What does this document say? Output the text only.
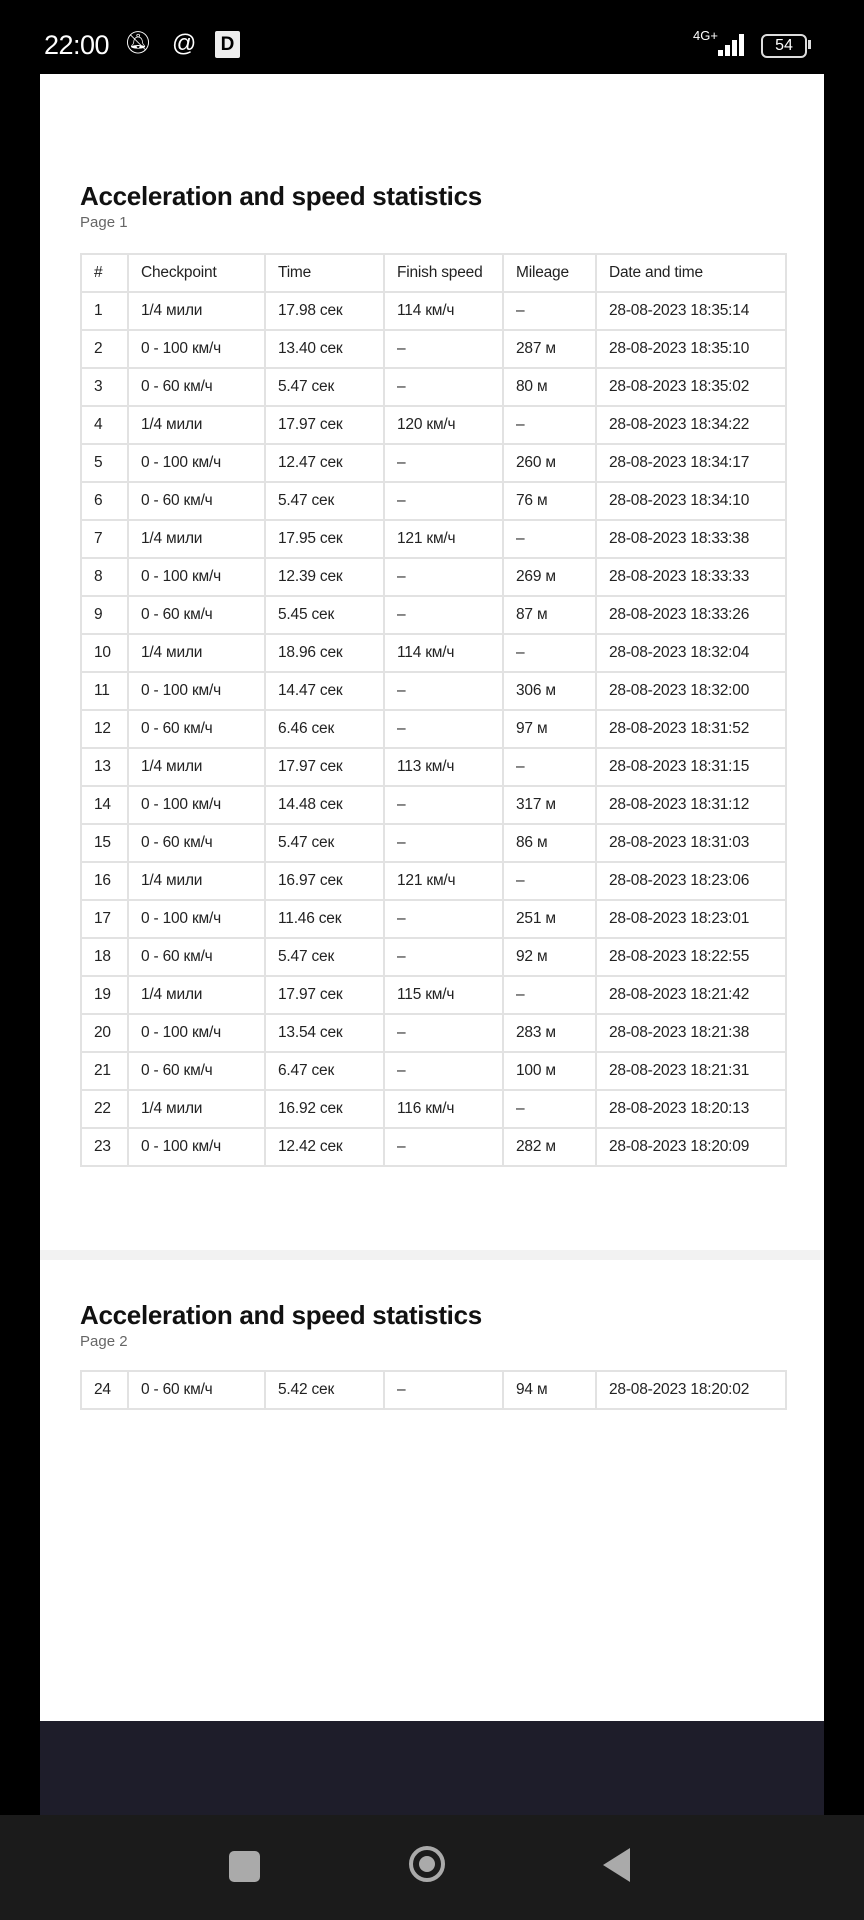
22:00 🔕︎ @ D	4G+
54
Acceleration and speed statistics
Page 1
#	Checkpoint	Time	Finish speed	Mileage	Date and time
1	1/4 мили	17.98 сек	114 км/ч	–	28-08-2023 18:35:14
2	0 - 100 км/ч	13.40 сек	–	287 м	28-08-2023 18:35:10
3	0 - 60 км/ч	5.47 сек	–	80 м	28-08-2023 18:35:02
4	1/4 мили	17.97 сек	120 км/ч	–	28-08-2023 18:34:22
5	0 - 100 км/ч	12.47 сек	–	260 м	28-08-2023 18:34:17
6	0 - 60 км/ч	5.47 сек	–	76 м	28-08-2023 18:34:10
7	1/4 мили	17.95 сек	121 км/ч	–	28-08-2023 18:33:38
8	0 - 100 км/ч	12.39 сек	–	269 м	28-08-2023 18:33:33
9	0 - 60 км/ч	5.45 сек	–	87 м	28-08-2023 18:33:26
10	1/4 мили	18.96 сек	114 км/ч	–	28-08-2023 18:32:04
11	0 - 100 км/ч	14.47 сек	–	306 м	28-08-2023 18:32:00
12	0 - 60 км/ч	6.46 сек	–	97 м	28-08-2023 18:31:52
13	1/4 мили	17.97 сек	113 км/ч	–	28-08-2023 18:31:15
14	0 - 100 км/ч	14.48 сек	–	317 м	28-08-2023 18:31:12
15	0 - 60 км/ч	5.47 сек	–	86 м	28-08-2023 18:31:03
16	1/4 мили	16.97 сек	121 км/ч	–	28-08-2023 18:23:06
17	0 - 100 км/ч	11.46 сек	–	251 м	28-08-2023 18:23:01
18	0 - 60 км/ч	5.47 сек	–	92 м	28-08-2023 18:22:55
19	1/4 мили	17.97 сек	115 км/ч	–	28-08-2023 18:21:42
20	0 - 100 км/ч	13.54 сек	–	283 м	28-08-2023 18:21:38
21	0 - 60 км/ч	6.47 сек	–	100 м	28-08-2023 18:21:31
22	1/4 мили	16.92 сек	116 км/ч	–	28-08-2023 18:20:13
23	0 - 100 км/ч	12.42 сек	–	282 м	28-08-2023 18:20:09
Acceleration and speed statistics
Page 2
24	0 - 60 км/ч	5.42 сек	–	94 м	28-08-2023 18:20:02
